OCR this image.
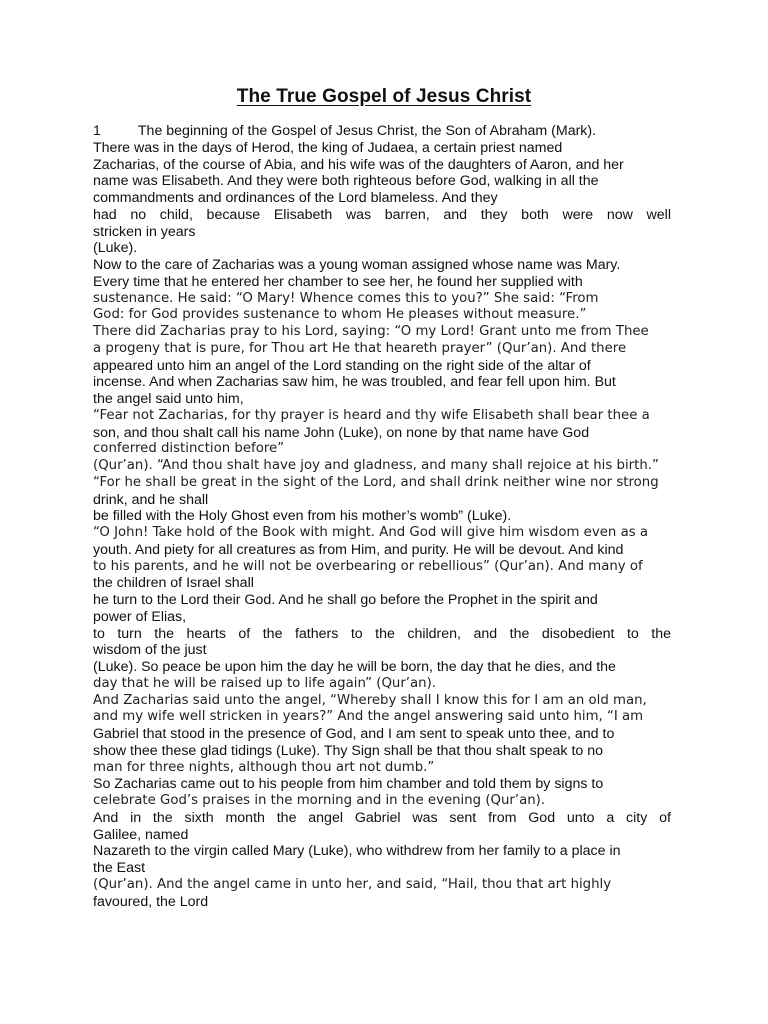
The True Gospel of Jesus Christ
1	The beginning of the Gospel of Jesus Christ, the Son of Abraham (Mark).
There was in the days of Herod, the king of Judaea, a certain priest named
Zacharias, of the course of Abia, and his wife was of the daughters of Aaron, and her
name was Elisabeth. And they were both righteous before God, walking in all the
commandments and ordinances of the Lord blameless. And they
had no child, because Elisabeth was barren, and they both were now well
stricken in years
(Luke).
Now to the care of Zacharias was a young woman assigned whose name was Mary.
Every time that he entered her chamber to see her, he found her supplied with
sustenance. He said: “O Mary! Whence comes this to you?” She said: “From
God: for God provides sustenance to whom He pleases without measure.”
There did Zacharias pray to his Lord, saying: “O my Lord! Grant unto me from Thee
a progeny that is pure, for Thou art He that heareth prayer” (Qur’an). And there
appeared unto him an angel of the Lord standing on the right side of the altar of
incense. And when Zacharias saw him, he was troubled, and fear fell upon him. But
the angel said unto him,
“Fear not Zacharias, for thy prayer is heard and thy wife Elisabeth shall bear thee a
son, and thou shalt call his name John (Luke), on none by that name have God
conferred distinction before”
(Qur’an). “And thou shalt have joy and gladness, and many shall rejoice at his birth.”
“For he shall be great in the sight of the Lord, and shall drink neither wine nor strong
drink, and he shall
be filled with the Holy Ghost even from his mother’s womb” (Luke).
“O John! Take hold of the Book with might. And God will give him wisdom even as a
youth. And piety for all creatures as from Him, and purity. He will be devout. And kind
to his parents, and he will not be overbearing or rebellious” (Qur’an). And many of
the children of Israel shall
he turn to the Lord their God. And he shall go before the Prophet in the spirit and
power of Elias,
to turn the hearts of the fathers to the children, and the disobedient to the
wisdom of the just
(Luke). So peace be upon him the day he will be born, the day that he dies, and the
day that he will be raised up to life again” (Qur’an).
And Zacharias said unto the angel, “Whereby shall I know this for I am an old man,
and my wife well stricken in years?” And the angel answering said unto him, “I am
Gabriel that stood in the presence of God, and I am sent to speak unto thee, and to
show thee these glad tidings (Luke). Thy Sign shall be that thou shalt speak to no
man for three nights, although thou art not dumb.”
So Zacharias came out to his people from him chamber and told them by signs to
celebrate God’s praises in the morning and in the evening (Qur’an).
And in the sixth month the angel Gabriel was sent from God unto a city of
Galilee, named
Nazareth to the virgin called Mary (Luke), who withdrew from her family to a place in
the East
(Qur’an). And the angel came in unto her, and said, “Hail, thou that art highly
favoured, the Lord
